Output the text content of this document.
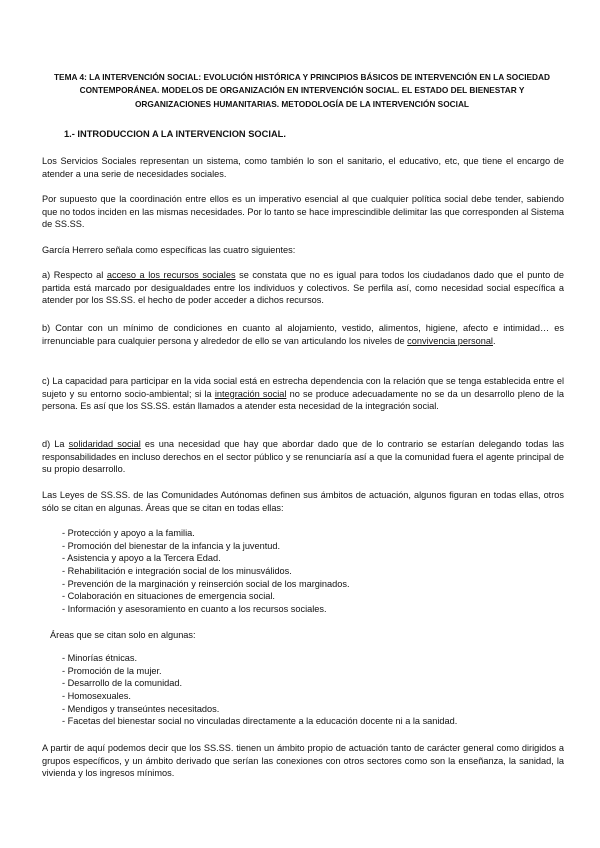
TEMA 4: LA INTERVENCIÓN SOCIAL: EVOLUCIÓN HISTÓRICA Y PRINCIPIOS BÁSICOS DE INTERVENCIÓN EN LA SOCIEDAD CONTEMPORÁNEA. MODELOS DE ORGANIZACIÓN EN INTERVENCIÓN SOCIAL. EL ESTADO DEL BIENESTAR Y ORGANIZACIONES HUMANITARIAS. METODOLOGÍA DE LA INTERVENCIÓN SOCIAL
1.- INTRODUCCION A LA INTERVENCION SOCIAL.

Los Servicios Sociales representan un sistema, como también lo son el sanitario, el educativo, etc, que tiene el encargo de atender a una serie de necesidades sociales.

Por supuesto que la coordinación entre ellos es un imperativo esencial al que cualquier política social debe tender, sabiendo que no todos inciden en las mismas necesidades. Por lo tanto se hace imprescindible delimitar las que corresponden al Sistema de SS.SS.

García Herrero señala como específicas las cuatro siguientes:

a) Respecto al acceso a los recursos sociales se constata que no es igual para todos los ciudadanos dado que el punto de partida está marcado por desigualdades entre los individuos y colectivos. Se perfila así, como necesidad social específica a atender por los SS.SS. el hecho de poder acceder a dichos recursos.

b) Contar con un mínimo de condiciones en cuanto al alojamiento, vestido, alimentos, higiene, afecto e intimidad… es irrenunciable para cualquier persona y alrededor de ello se van articulando los niveles de convivencia personal.

c) La capacidad para participar en la vida social está en estrecha dependencia con la relación que se tenga establecida entre el sujeto y su entorno socio-ambiental; si la integración social no se produce adecuadamente no se da un desarrollo pleno de la persona. Es así que los SS.SS. están llamados a atender esta necesidad de la integración social.

d) La solidaridad social es una necesidad que hay que abordar dado que de lo contrario se estarían delegando todas las responsabilidades en incluso derechos en el sector público y se renunciaría así a que la comunidad fuera el agente principal de su propio desarrollo.

Las Leyes de SS.SS. de las Comunidades Autónomas definen sus ámbitos de actuación, algunos figuran en todas ellas, otros sólo se citan en algunas. Áreas que se citan en todas ellas:

- Protección y apoyo a la familia.
- Promoción del bienestar de la infancia y la juventud.
- Asistencia y apoyo a la Tercera Edad.
- Rehabilitación e integración social de los minusválidos.
- Prevención de la marginación y reinserción social de los marginados.
- Colaboración en situaciones de emergencia social.
- Información y asesoramiento en cuanto a los recursos sociales.
Áreas que se citan solo en algunas:
- Minorías étnicas.
- Promoción de la mujer.
- Desarrollo de la comunidad.
- Homosexuales.
- Mendigos y transeúntes necesitados.
- Facetas del bienestar social no vinculadas directamente a la educación docente ni a la sanidad.

A partir de aquí podemos decir que los SS.SS. tienen un ámbito propio de actuación tanto de carácter general como dirigidos a grupos específicos, y un ámbito derivado que serían las conexiones con otros sectores como son la enseñanza, la sanidad, la vivienda y los ingresos mínimos.
